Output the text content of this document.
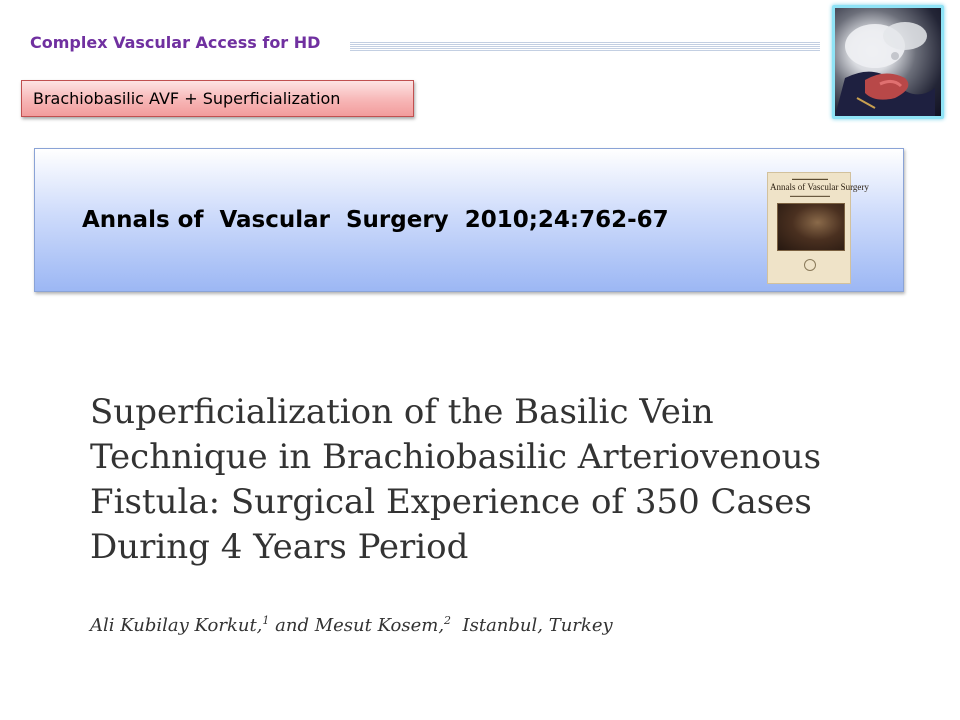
Complex Vascular Access for HD
Brachiobasilic AVF + Superficialization
Annals of  Vascular  Surgery  2010;24:762-67
▬▬▬▬▬▬▬▬▬
Annals of Vascular Surgery
▬▬▬▬▬▬▬▬▬▬
Superficialization of the Basilic Vein
Technique in Brachiobasilic Arteriovenous
Fistula: Surgical Experience of 350 Cases
During 4 Years Period
Ali Kubilay Korkut,$^1$ and Mesut Kosem,$^2$  Istanbul, Turkey
